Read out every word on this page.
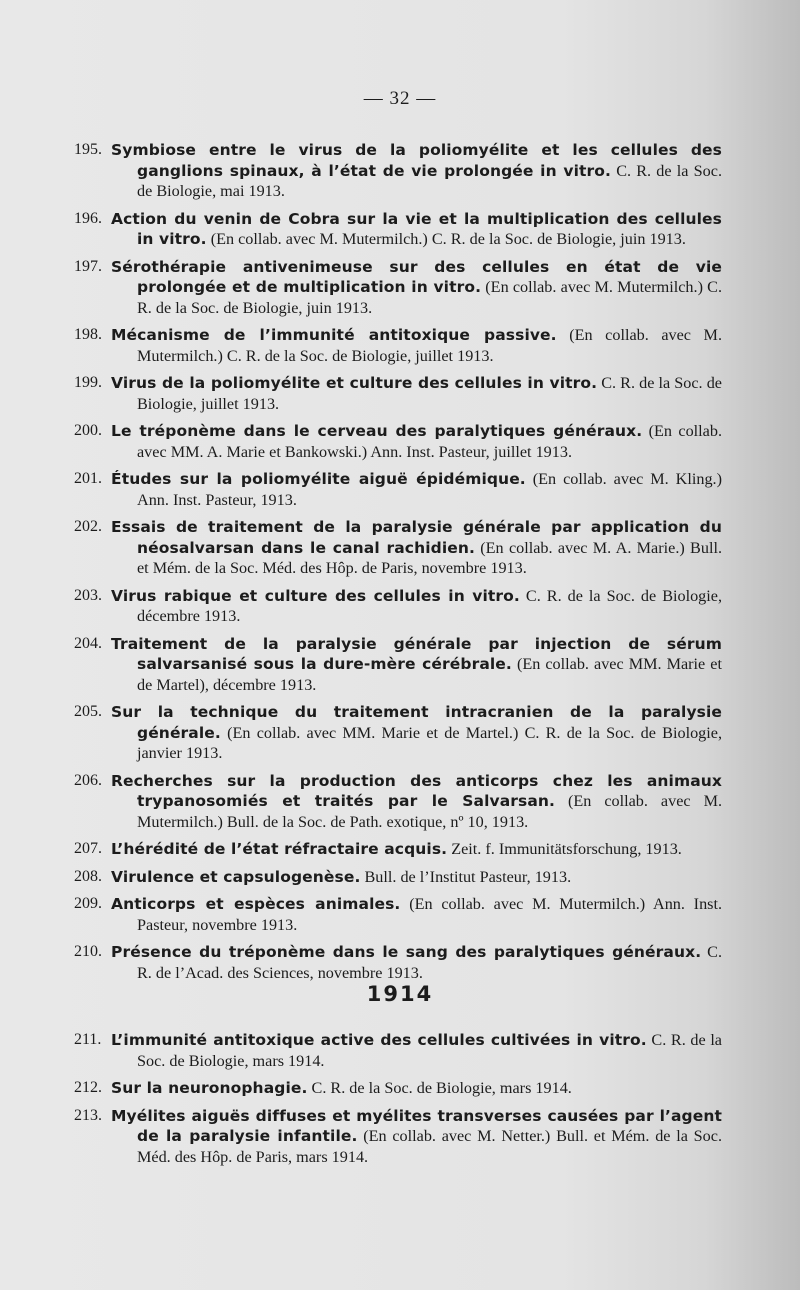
— 32 —
195. Symbiose entre le virus de la poliomyélite et les cellules des ganglions spinaux, à l’état de vie prolongée in vitro. C. R. de la Soc. de Biologie, mai 1913.
196. Action du venin de Cobra sur la vie et la multiplication des cellules in vitro. (En collab. avec M. Mutermilch.) C. R. de la Soc. de Biologie, juin 1913.
197. Sérothérapie antivenimeuse sur des cellules en état de vie prolongée et de multiplication in vitro. (En collab. avec M. Mutermilch.) C. R. de la Soc. de Biologie, juin 1913.
198. Mécanisme de l’immunité antitoxique passive. (En collab. avec M. Mutermilch.) C. R. de la Soc. de Biologie, juillet 1913.
199. Virus de la poliomyélite et culture des cellules in vitro. C. R. de la Soc. de Biologie, juillet 1913.
200. Le tréponème dans le cerveau des paralytiques généraux. (En collab. avec MM. A. Marie et Bankowski.) Ann. Inst. Pasteur, juillet 1913.
201. Études sur la poliomyélite aiguë épidémique. (En collab. avec M. Kling.) Ann. Inst. Pasteur, 1913.
202. Essais de traitement de la paralysie générale par application du néosalvarsan dans le canal rachidien. (En collab. avec M. A. Marie.) Bull. et Mém. de la Soc. Méd. des Hôp. de Paris, novembre 1913.
203. Virus rabique et culture des cellules in vitro. C. R. de la Soc. de Biologie, décembre 1913.
204. Traitement de la paralysie générale par injection de sérum salvarsanisé sous la dure-mère cérébrale. (En collab. avec MM. Marie et de Martel), décembre 1913.
205. Sur la technique du traitement intracranien de la paralysie générale. (En collab. avec MM. Marie et de Martel.) C. R. de la Soc. de Biologie, janvier 1913.
206. Recherches sur la production des anticorps chez les animaux trypanosomiés et traités par le Salvarsan. (En collab. avec M. Mutermilch.) Bull. de la Soc. de Path. exotique, nº 10, 1913.
207. L’hérédité de l’état réfractaire acquis. Zeit. f. Immunitätsforschung, 1913.
208. Virulence et capsulogenèse. Bull. de l’Institut Pasteur, 1913.
209. Anticorps et espèces animales. (En collab. avec M. Mutermilch.) Ann. Inst. Pasteur, novembre 1913.
210. Présence du tréponème dans le sang des paralytiques généraux. C. R. de l’Acad. des Sciences, novembre 1913.
1914
211. L’immunité antitoxique active des cellules cultivées in vitro. C. R. de la Soc. de Biologie, mars 1914.
212. Sur la neuronophagie. C. R. de la Soc. de Biologie, mars 1914.
213. Myélites aiguës diffuses et myélites transverses causées par l’agent de la paralysie infantile. (En collab. avec M. Netter.) Bull. et Mém. de la Soc. Méd. des Hôp. de Paris, mars 1914.
